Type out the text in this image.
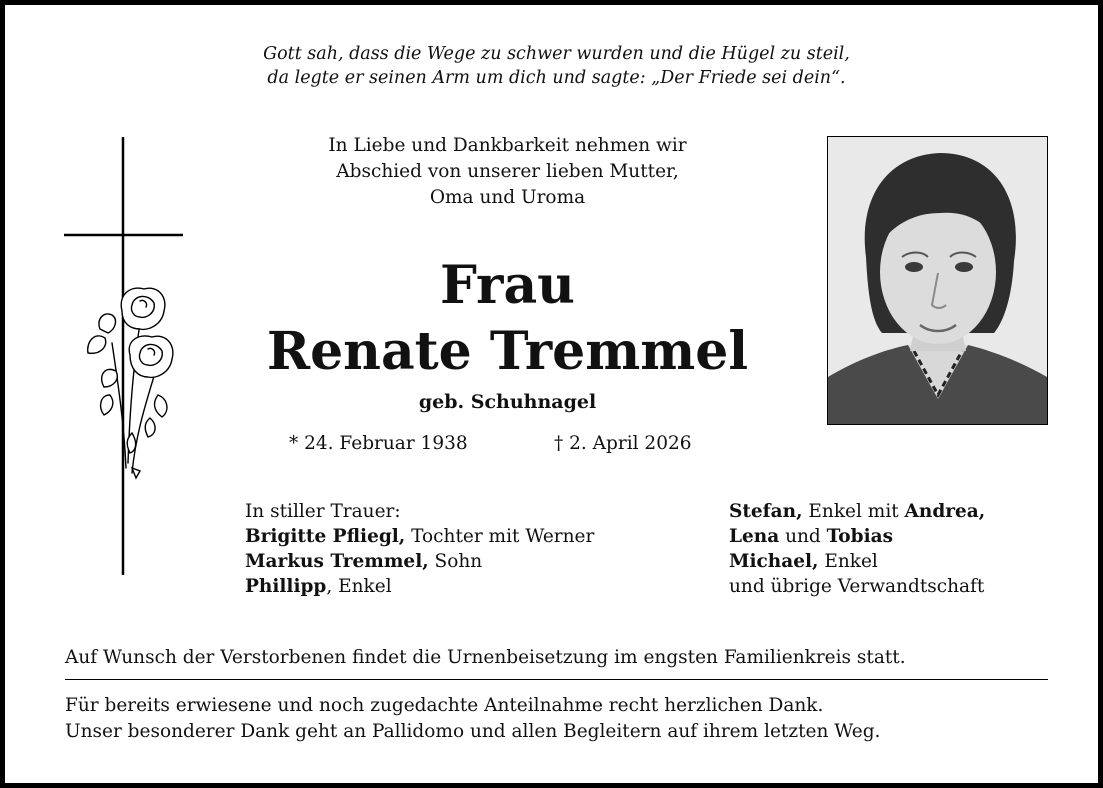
Gott sah, dass die Wege zu schwer wurden und die Hügel zu steil,
da legte er seinen Arm um dich und sagte: „Der Friede sei dein“.
In Liebe und Dankbarkeit nehmen wir
Abschied von unserer lieben Mutter,
Oma und Uroma
Frau
Renate Tremmel
geb. Schuhnagel
* 24. Februar 1938	† 2. April 2026
In stiller Trauer:
Brigitte Pfliegl, Tochter mit Werner
Markus Tremmel, Sohn
Phillipp, Enkel
Stefan, Enkel mit Andrea,
Lena und Tobias
Michael, Enkel
und übrige Verwandtschaft
Auf Wunsch der Verstorbenen findet die Urnenbeisetzung im engsten Familienkreis statt.
Für bereits erwiesene und noch zugedachte Anteilnahme recht herzlichen Dank.
Unser besonderer Dank geht an Pallidomo und allen Begleitern auf ihrem letzten Weg.
